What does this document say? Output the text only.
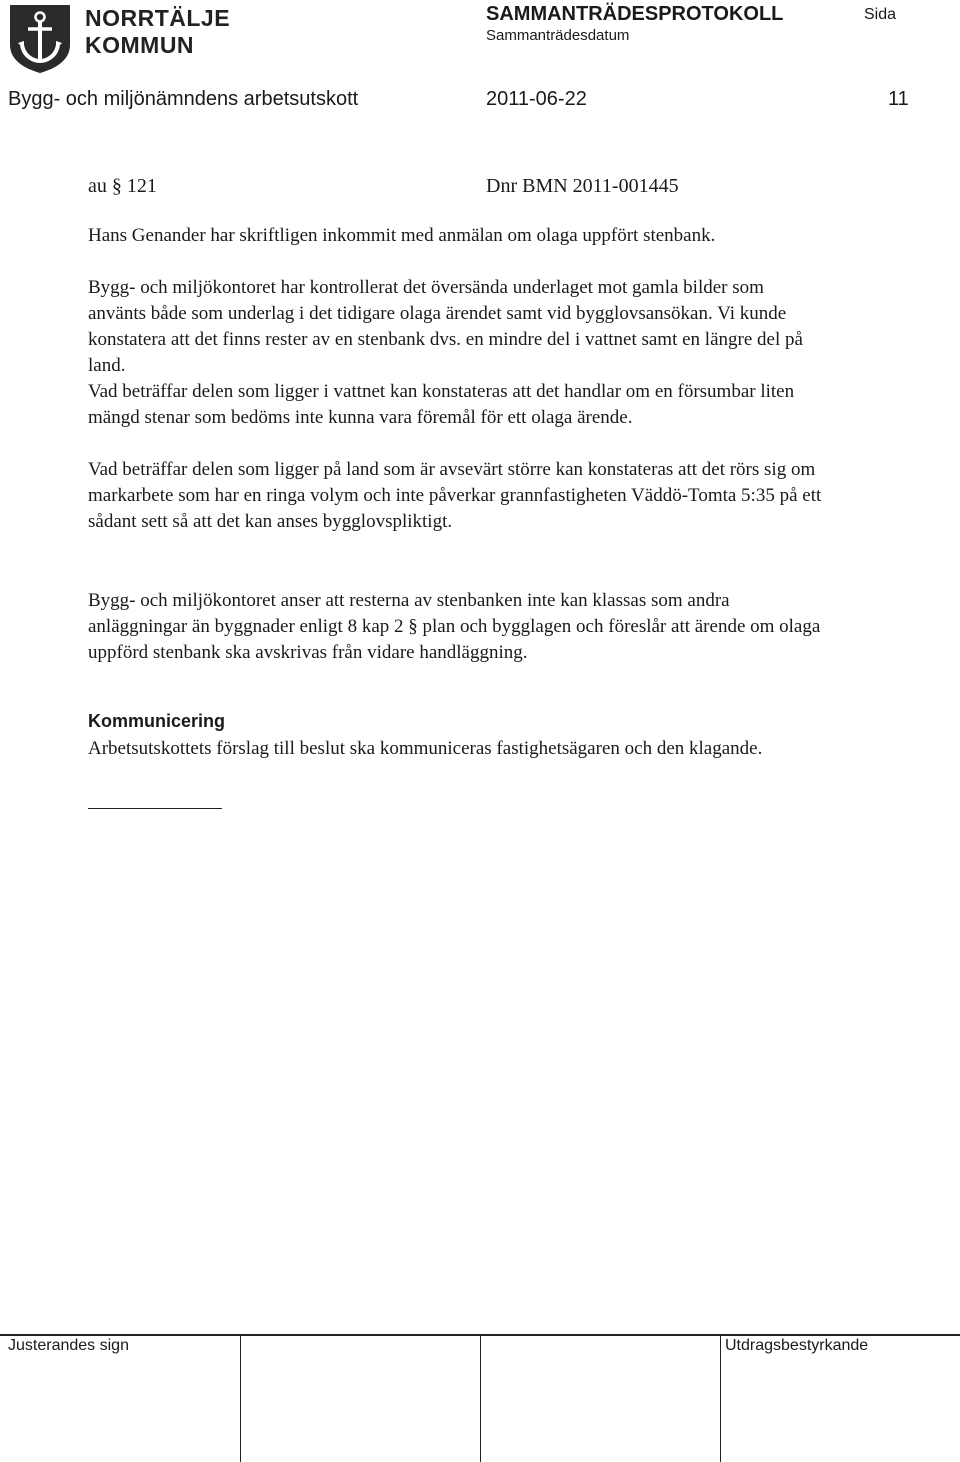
NORRTÄLJE
KOMMUN
SAMMANTRÄDESPROTOKOLL
Sammanträdesdatum
Sida
Bygg- och miljönämndens arbetsutskott	2011-06-22	11
au § 121	Dnr BMN 2011-001445

Hans Genander har skriftligen inkommit med anmälan om olaga uppfört stenbank.

Bygg- och miljökontoret har kontrollerat det översända underlaget mot gamla bilder som

använts både som underlag i det tidigare olaga ärendet samt vid bygglovsansökan. Vi kunde

konstatera att det finns rester av en stenbank dvs. en mindre del i vattnet samt en längre del på

land.

Vad beträffar delen som ligger i vattnet kan konstateras att det handlar om en försumbar liten

mängd stenar som bedöms inte kunna vara föremål för ett olaga ärende.

Vad beträffar delen som ligger på land som är avsevärt större kan konstateras att det rörs sig om

markarbete som har en ringa volym och inte påverkar grannfastigheten Väddö-Tomta 5:35 på ett

sådant sett så att det kan anses bygglovspliktigt.

Bygg- och miljökontoret anser att resterna av stenbanken inte kan klassas som andra

anläggningar än byggnader enligt 8 kap 2 § plan och bygglagen och föreslår att ärende om olaga

uppförd stenbank ska avskrivas från vidare handläggning.

Kommunicering

Arbetsutskottets förslag till beslut ska kommuniceras fastighetsägaren och den klagande.

Justerandes sign	Utdragsbestyrkande
